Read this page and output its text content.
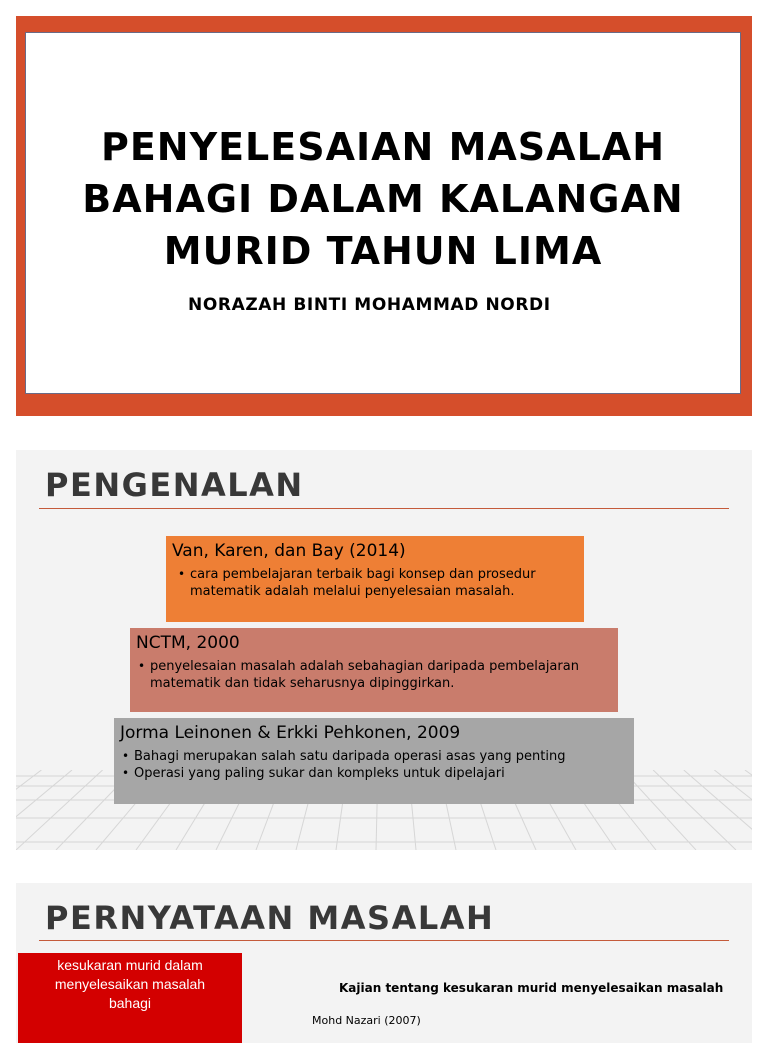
PENYELESAIAN MASALAH
BAHAGI DALAM KALANGAN
MURID TAHUN LIMA
NORAZAH BINTI MOHAMMAD NORDI
PENGENALAN
Van, Karen, dan Bay (2014)
• cara pembelajaran terbaik bagi konsep dan prosedur matematik adalah melalui penyelesaian masalah.
NCTM, 2000
• penyelesaian masalah adalah sebahagian daripada pembelajaran matematik dan tidak seharusnya dipinggirkan.
Jorma Leinonen & Erkki Pehkonen, 2009
• Bahagi merupakan salah satu daripada operasi asas yang penting
• Operasi yang paling sukar dan kompleks untuk dipelajari
PERNYATAAN MASALAH
kesukaran murid dalam
menyelesaikan masalah
bahagi
Kajian tentang kesukaran murid menyelesaikan masalah
Mohd Nazari (2007)
